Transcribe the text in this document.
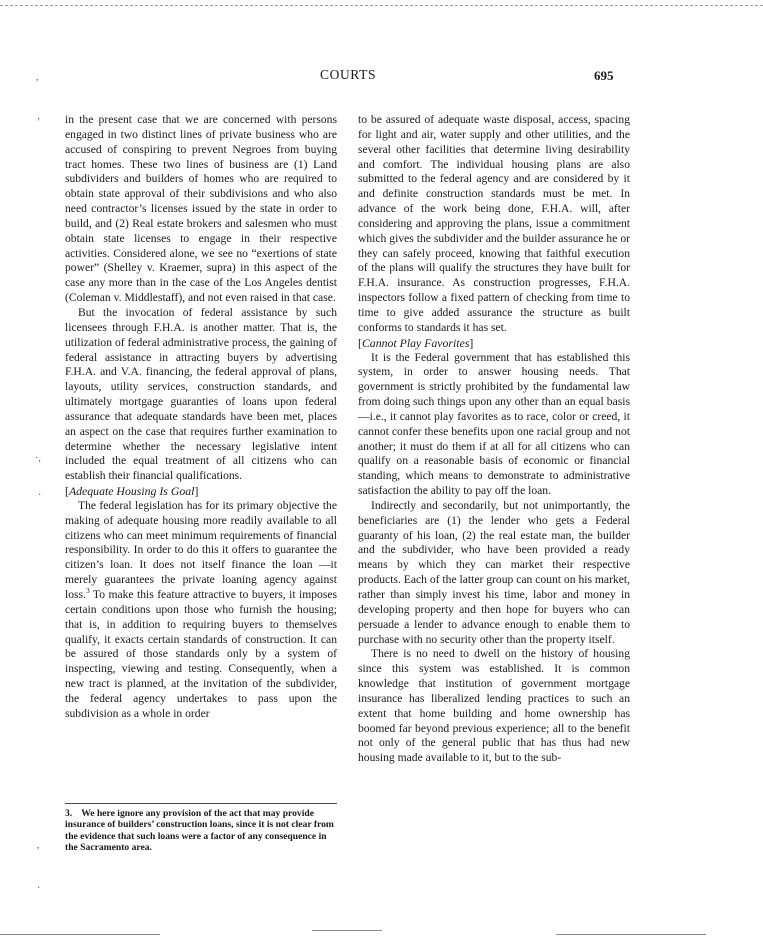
,
’
·,
·
,
·
COURTS	695

in the present case that we are concerned with persons engaged in two distinct lines of private business who are accused of conspiring to prevent Negroes from buying tract homes. These two lines of business are (1) Land subdividers and builders of homes who are required to obtain state approval of their subdivisions and who also need contractor’s licenses issued by the state in order to build, and (2) Real estate brokers and salesmen who must obtain state licenses to engage in their respective activities. Considered alone, we see no “exertions of state power” (Shelley v. Kraemer, supra) in this aspect of the case any more than in the case of the Los Angeles dentist (Coleman v. Middlestaff), and not even raised in that case.

But the invocation of federal assistance by such licensees through F.H.A. is another matter. That is, the utilization of federal administrative process, the gaining of federal assistance in attracting buyers by advertising F.H.A. and V.A. financing, the federal approval of plans, layouts, utility services, construction standards, and ultimately mortgage guaranties of loans upon federal assurance that adequate standards have been met, places an aspect on the case that requires further examination to determine whether the necessary legislative intent included the equal treatment of all citizens who can establish their financial qualifications.

[Adequate Housing Is Goal]

The federal legislation has for its primary objective the making of adequate housing more readily available to all citizens who can meet minimum requirements of financial responsibility. In order to do this it offers to guarantee the citizen’s loan. It does not itself finance the loan —it merely guarantees the private loaning agency against loss.$^3$ To make this feature attractive to buyers, it imposes certain conditions upon those who furnish the housing; that is, in addition to requiring buyers to themselves qualify, it exacts certain standards of construction. It can be assured of those standards only by a system of inspecting, viewing and testing. Consequently, when a new tract is planned, at the invitation of the subdivider, the federal agency undertakes to pass upon the subdivision as a whole in order

3. We here ignore any provision of the act that may provide insurance of builders’ construction loans, since it is not clear from the evidence that such loans were a factor of any consequence in the Sacramento area.

to be assured of adequate waste disposal, access, spacing for light and air, water supply and other utilities, and the several other facilities that determine living desirability and comfort. The individual housing plans are also submitted to the federal agency and are considered by it and definite construction standards must be met. In advance of the work being done, F.H.A. will, after considering and approving the plans, issue a commitment which gives the subdivider and the builder assurance he or they can safely proceed, knowing that faithful execution of the plans will qualify the structures they have built for F.H.A. insurance. As construction progresses, F.H.A. inspectors follow a fixed pattern of checking from time to time to give added assurance the structure as built conforms to standards it has set.

[Cannot Play Favorites]

It is the Federal government that has established this system, in order to answer housing needs. That government is strictly prohibited by the fundamental law from doing such things upon any other than an equal basis—i.e., it cannot play favorites as to race, color or creed, it cannot confer these benefits upon one racial group and not another; it must do them if at all for all citizens who can qualify on a reasonable basis of economic or financial standing, which means to demonstrate to administrative satisfaction the ability to pay off the loan.

Indirectly and secondarily, but not unimportantly, the beneficiaries are (1) the lender who gets a Federal guaranty of his loan, (2) the real estate man, the builder and the subdivider, who have been provided a ready means by which they can market their respective products. Each of the latter group can count on his market, rather than simply invest his time, labor and money in developing property and then hope for buyers who can persuade a lender to advance enough to enable them to purchase with no security other than the property itself.

There is no need to dwell on the history of housing since this system was established. It is common knowledge that institution of government mortgage insurance has liberalized lending practices to such an extent that home building and home ownership has boomed far beyond previous experience; all to the benefit not only of the general public that has thus had new housing made available to it, but to the sub-
